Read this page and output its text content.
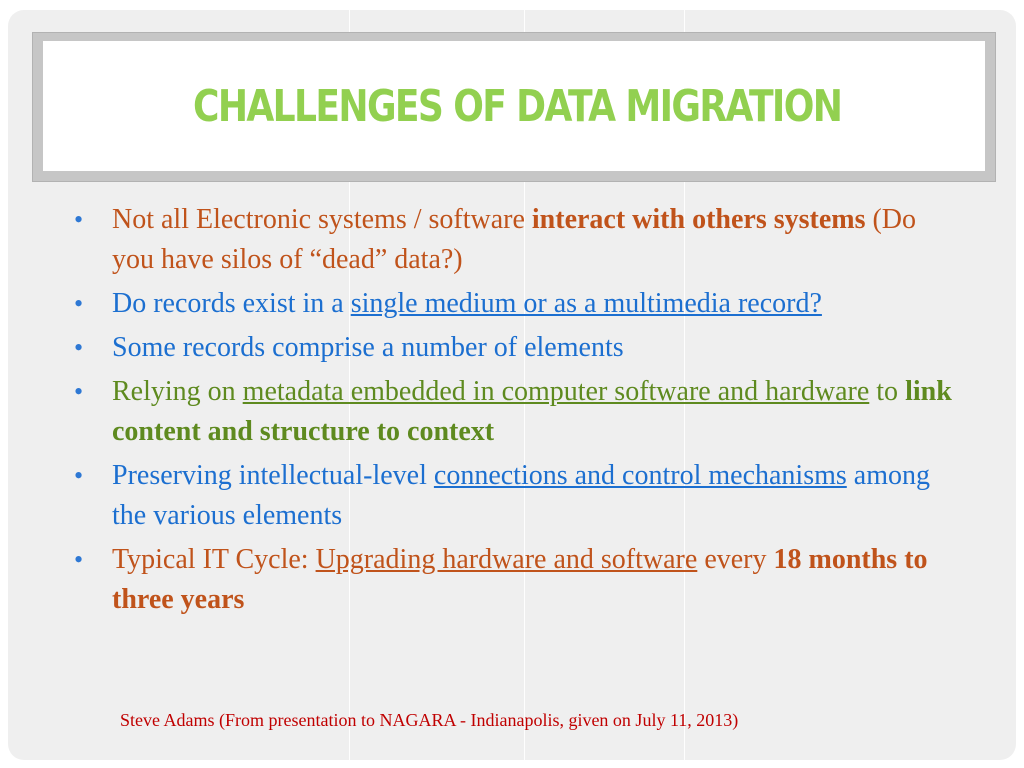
CHALLENGES OF DATA MIGRATION
• Not all Electronic systems / software interact with others systems (Do you have silos of “dead” data?)
• Do records exist in a single medium or as a multimedia record?
• Some records comprise a number of elements
• Relying on metadata embedded in computer software and hardware to link content and structure to context
• Preserving intellectual-level connections and control mechanisms among the various elements
• Typical IT Cycle: Upgrading hardware and software every 18 months to three years
Steve Adams (From presentation to NAGARA - Indianapolis, given on July 11, 2013)
